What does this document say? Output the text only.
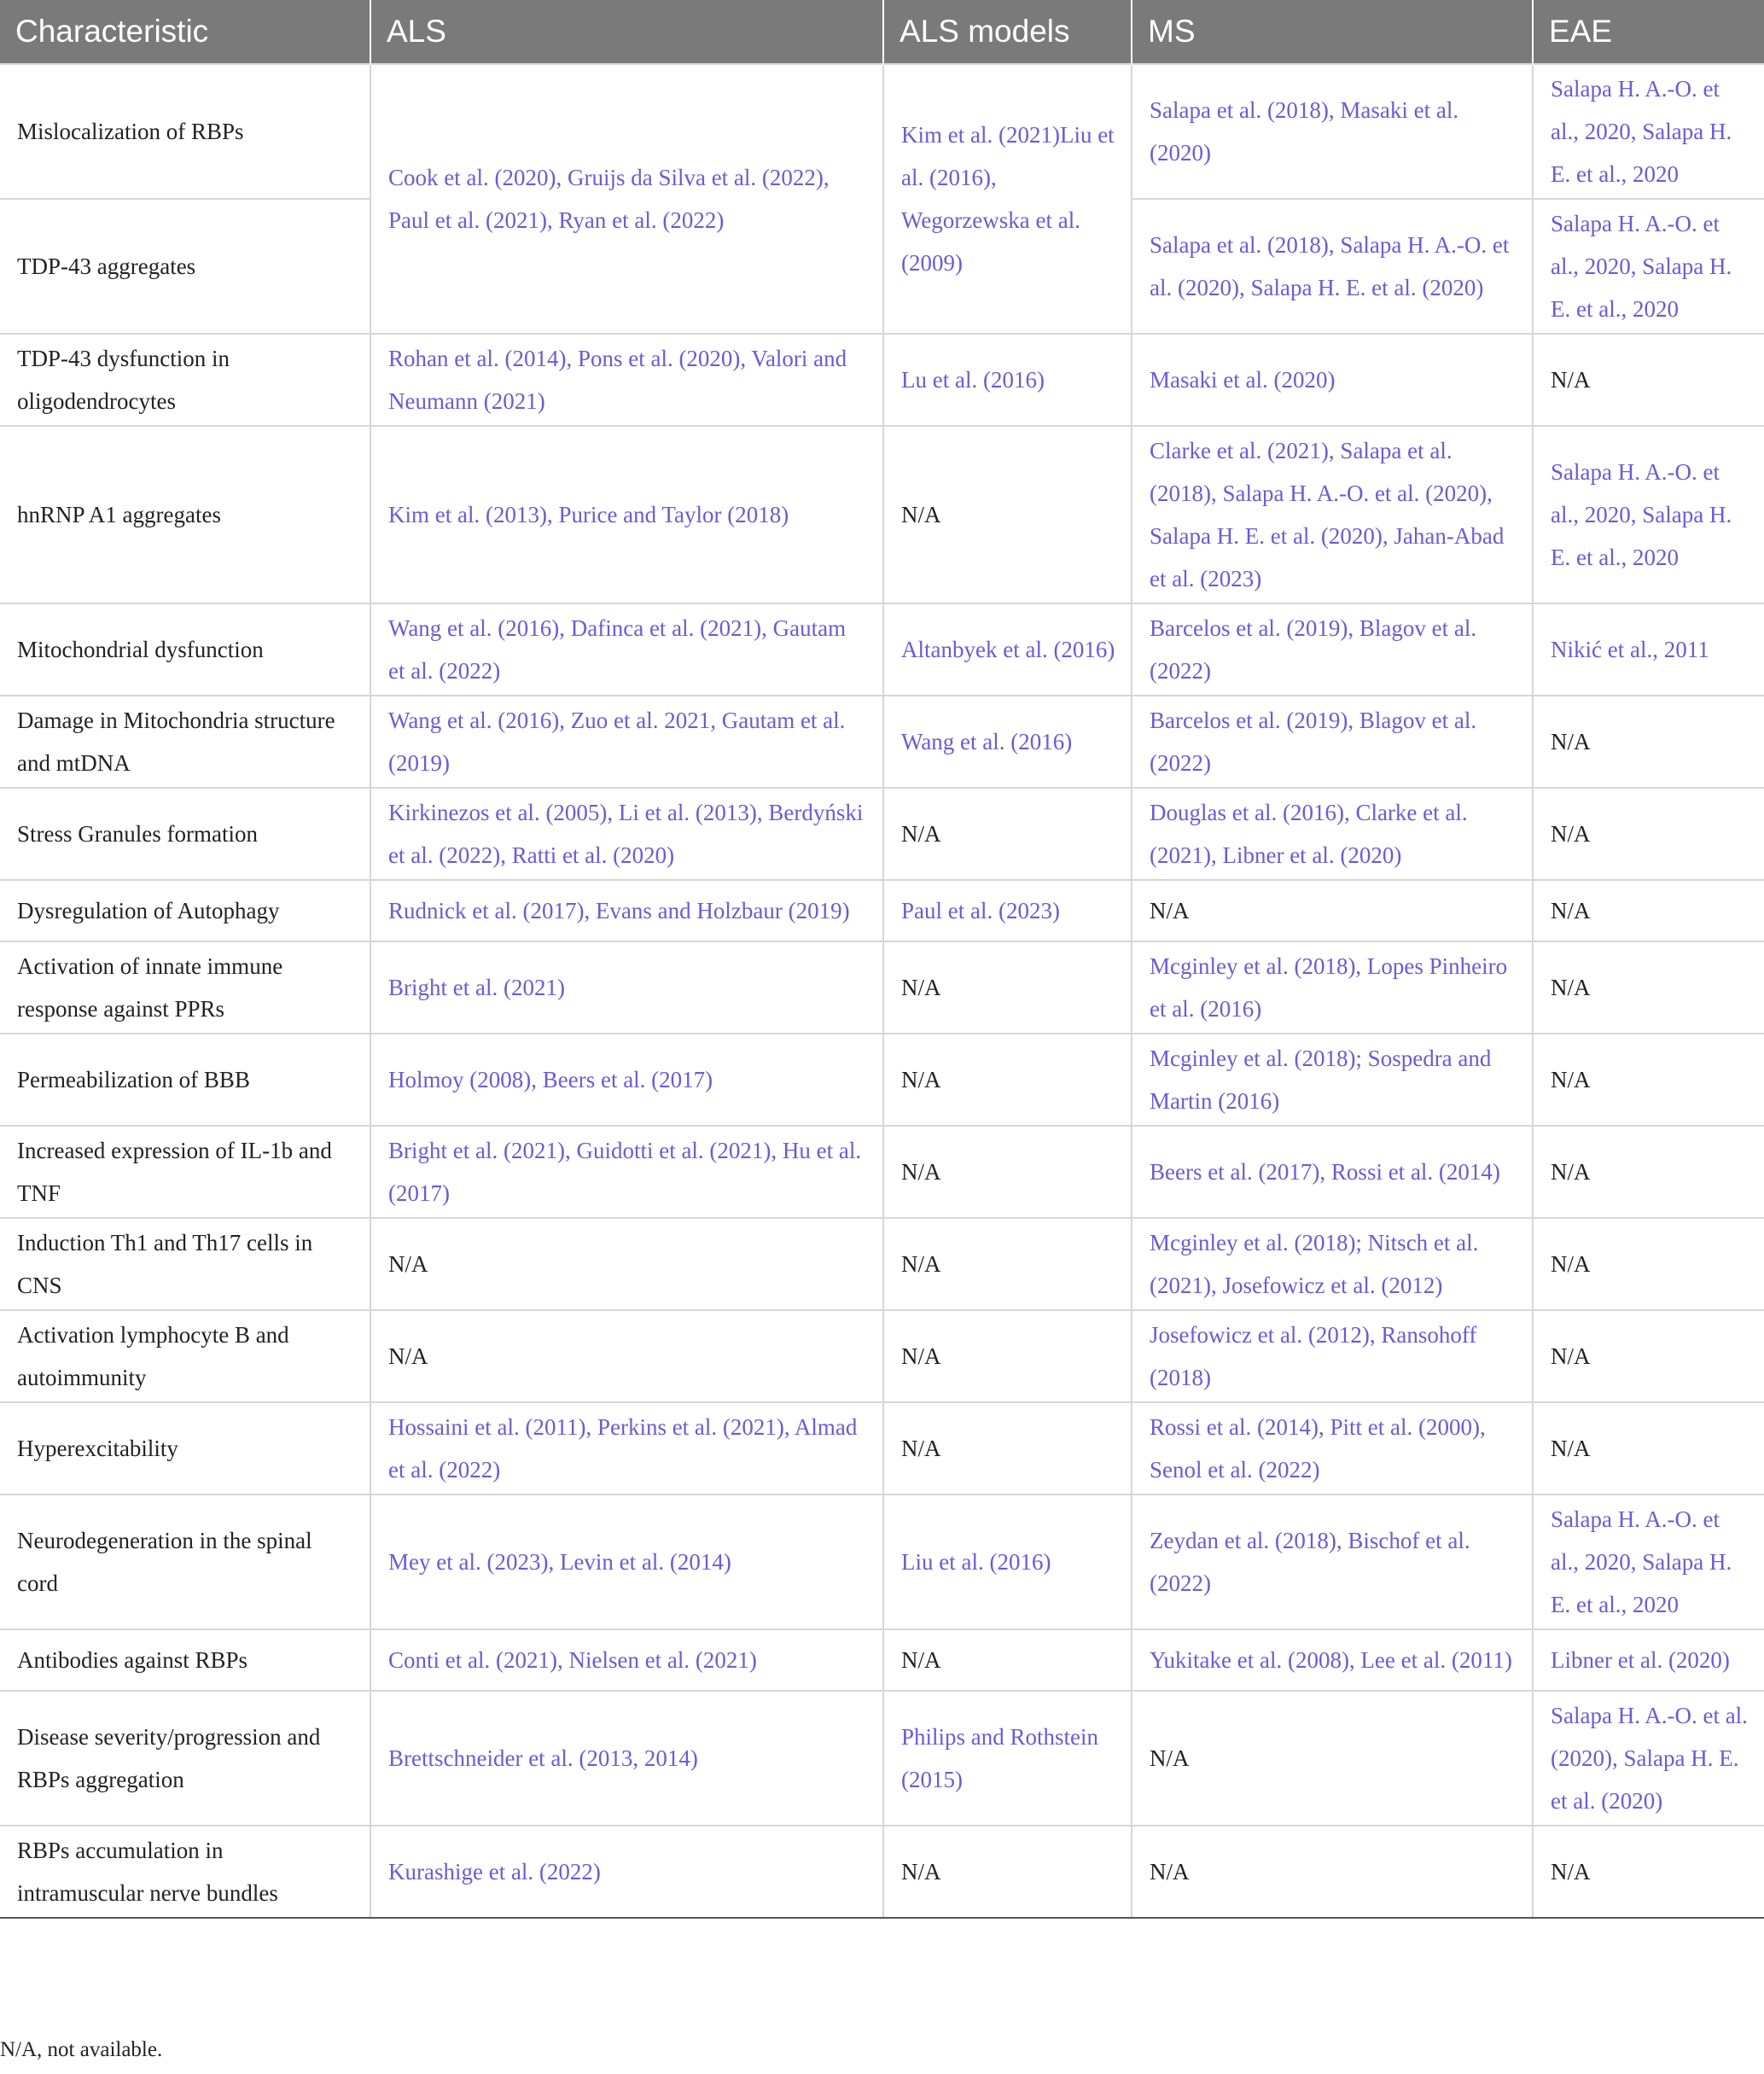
Characteristic	ALS	ALS models	MS	EAE
Mislocalization of RBPs	Cook et al. (2020), Gruijs da Silva et al. (2022), Paul et al. (2021), Ryan et al. (2022)	Kim et al. (2021)Liu et al. (2016), Wegorzewska et al. (2009)	Salapa et al. (2018), Masaki et al. (2020)	Salapa H. A.-O. et al., 2020, Salapa H. E. et al., 2020
TDP-43 aggregates			Salapa et al. (2018), Salapa H. A.-O. et al. (2020), Salapa H. E. et al. (2020)	Salapa H. A.-O. et al., 2020, Salapa H. E. et al., 2020
TDP-43 dysfunction in oligodendrocytes	Rohan et al. (2014), Pons et al. (2020), Valori and Neumann (2021)	Lu et al. (2016)	Masaki et al. (2020)	N/A
hnRNP A1 aggregates	Kim et al. (2013), Purice and Taylor (2018)	N/A	Clarke et al. (2021), Salapa et al. (2018), Salapa H. A.-O. et al. (2020), Salapa H. E. et al. (2020), Jahan-Abad et al. (2023)	Salapa H. A.-O. et al., 2020, Salapa H. E. et al., 2020
Mitochondrial dysfunction	Wang et al. (2016), Dafinca et al. (2021), Gautam et al. (2022)	Altanbyek et al. (2016)	Barcelos et al. (2019), Blagov et al. (2022)	Nikić et al., 2011
Damage in Mitochondria structure and mtDNA	Wang et al. (2016), Zuo et al. 2021, Gautam et al. (2019)	Wang et al. (2016)	Barcelos et al. (2019), Blagov et al. (2022)	N/A
Stress Granules formation	Kirkinezos et al. (2005), Li et al. (2013), Berdyński et al. (2022), Ratti et al. (2020)	N/A	Douglas et al. (2016), Clarke et al. (2021), Libner et al. (2020)	N/A
Dysregulation of Autophagy	Rudnick et al. (2017), Evans and Holzbaur (2019)	Paul et al. (2023)	N/A	N/A
Activation of innate immune response against PPRs	Bright et al. (2021)	N/A	Mcginley et al. (2018), Lopes Pinheiro et al. (2016)	N/A
Permeabilization of BBB	Holmoy (2008), Beers et al. (2017)	N/A	Mcginley et al. (2018); Sospedra and Martin (2016)	N/A
Increased expression of IL-1b and TNF	Bright et al. (2021), Guidotti et al. (2021), Hu et al. (2017)	N/A	Beers et al. (2017), Rossi et al. (2014)	N/A
Induction Th1 and Th17 cells in CNS	N/A	N/A	Mcginley et al. (2018); Nitsch et al. (2021), Josefowicz et al. (2012)	N/A
Activation lymphocyte B and autoimmunity	N/A	N/A	Josefowicz et al. (2012), Ransohoff (2018)	N/A
Hyperexcitability	Hossaini et al. (2011), Perkins et al. (2021), Almad et al. (2022)	N/A	Rossi et al. (2014), Pitt et al. (2000), Senol et al. (2022)	N/A
Neurodegeneration in the spinal cord	Mey et al. (2023), Levin et al. (2014)	Liu et al. (2016)	Zeydan et al. (2018), Bischof et al. (2022)	Salapa H. A.-O. et al., 2020, Salapa H. E. et al., 2020
Antibodies against RBPs	Conti et al. (2021), Nielsen et al. (2021)	N/A	Yukitake et al. (2008), Lee et al. (2011)	Libner et al. (2020)
Disease severity/progression and RBPs aggregation	Brettschneider et al. (2013, 2014)	Philips and Rothstein (2015)	N/A	Salapa H. A.-O. et al. (2020), Salapa H. E. et al. (2020)
RBPs accumulation in intramuscular nerve bundles	Kurashige et al. (2022)	N/A	N/A	N/A
N/A, not available.
